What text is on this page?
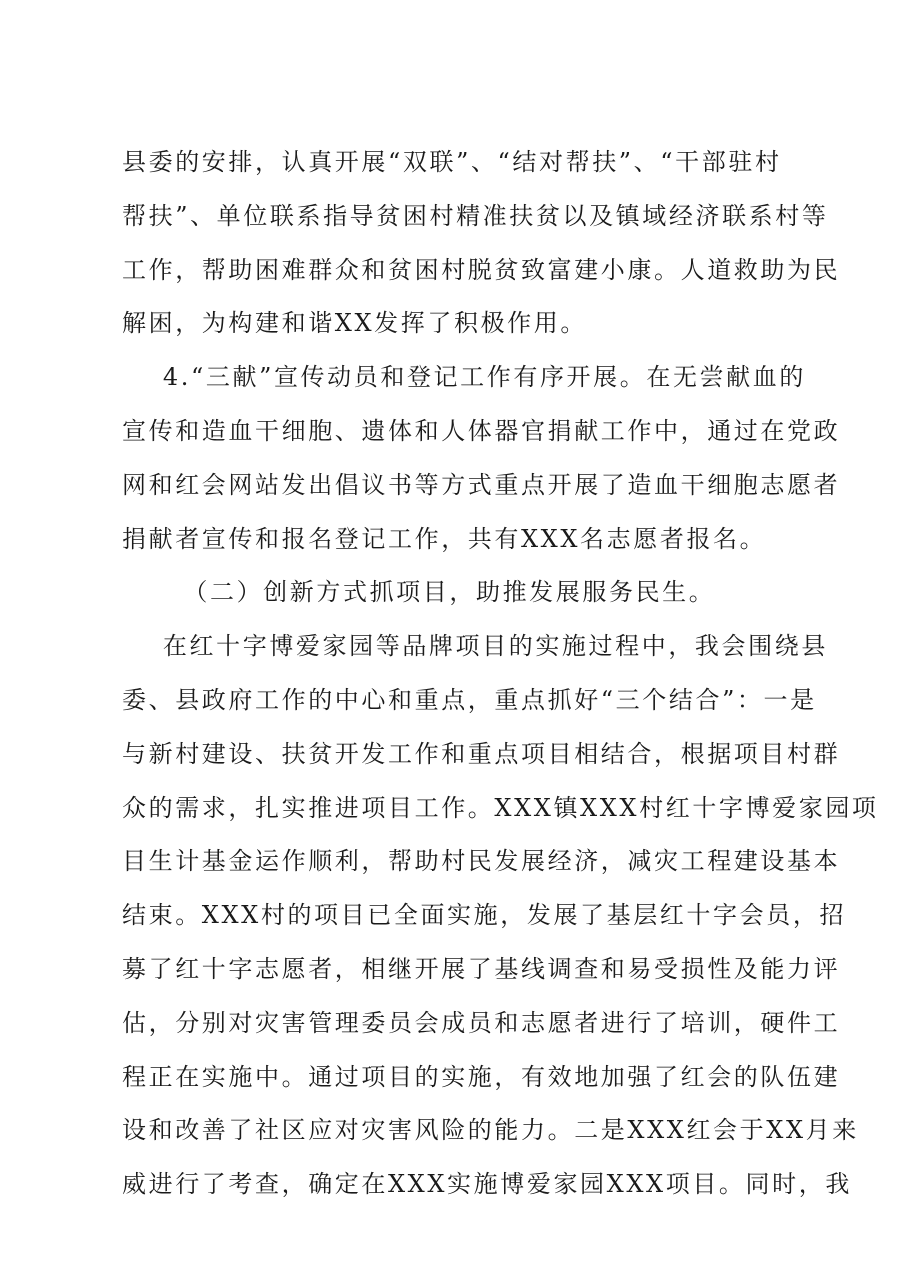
县委的安排，认真开展“双联”、“结对帮扶”、“干部驻村
帮扶”、单位联系指导贫困村精准扶贫以及镇域经济联系村等
工作，帮助困难群众和贫困村脱贫致富建小康。人道救助为民
解困，为构建和谐XX发挥了积极作用。
4.“三献”宣传动员和登记工作有序开展。在无尝献血的
宣传和造血干细胞、遗体和人体器官捐献工作中，通过在党政
网和红会网站发出倡议书等方式重点开展了造血干细胞志愿者
捐献者宣传和报名登记工作，共有XXX名志愿者报名。
（二）创新方式抓项目，助推发展服务民生。
在红十字博爱家园等品牌项目的实施过程中，我会围绕县
委、县政府工作的中心和重点，重点抓好“三个结合”：一是
与新村建设、扶贫开发工作和重点项目相结合，根据项目村群
众的需求，扎实推进项目工作。XXX镇XXX村红十字博爱家园项
目生计基金运作顺利，帮助村民发展经济，减灾工程建设基本
结束。XXX村的项目已全面实施，发展了基层红十字会员，招
募了红十字志愿者，相继开展了基线调查和易受损性及能力评
估，分别对灾害管理委员会成员和志愿者进行了培训，硬件工
程正在实施中。通过项目的实施，有效地加强了红会的队伍建
设和改善了社区应对灾害风险的能力。二是XXX红会于XX月来
威进行了考查，确定在XXX实施博爱家园XXX项目。同时，我
